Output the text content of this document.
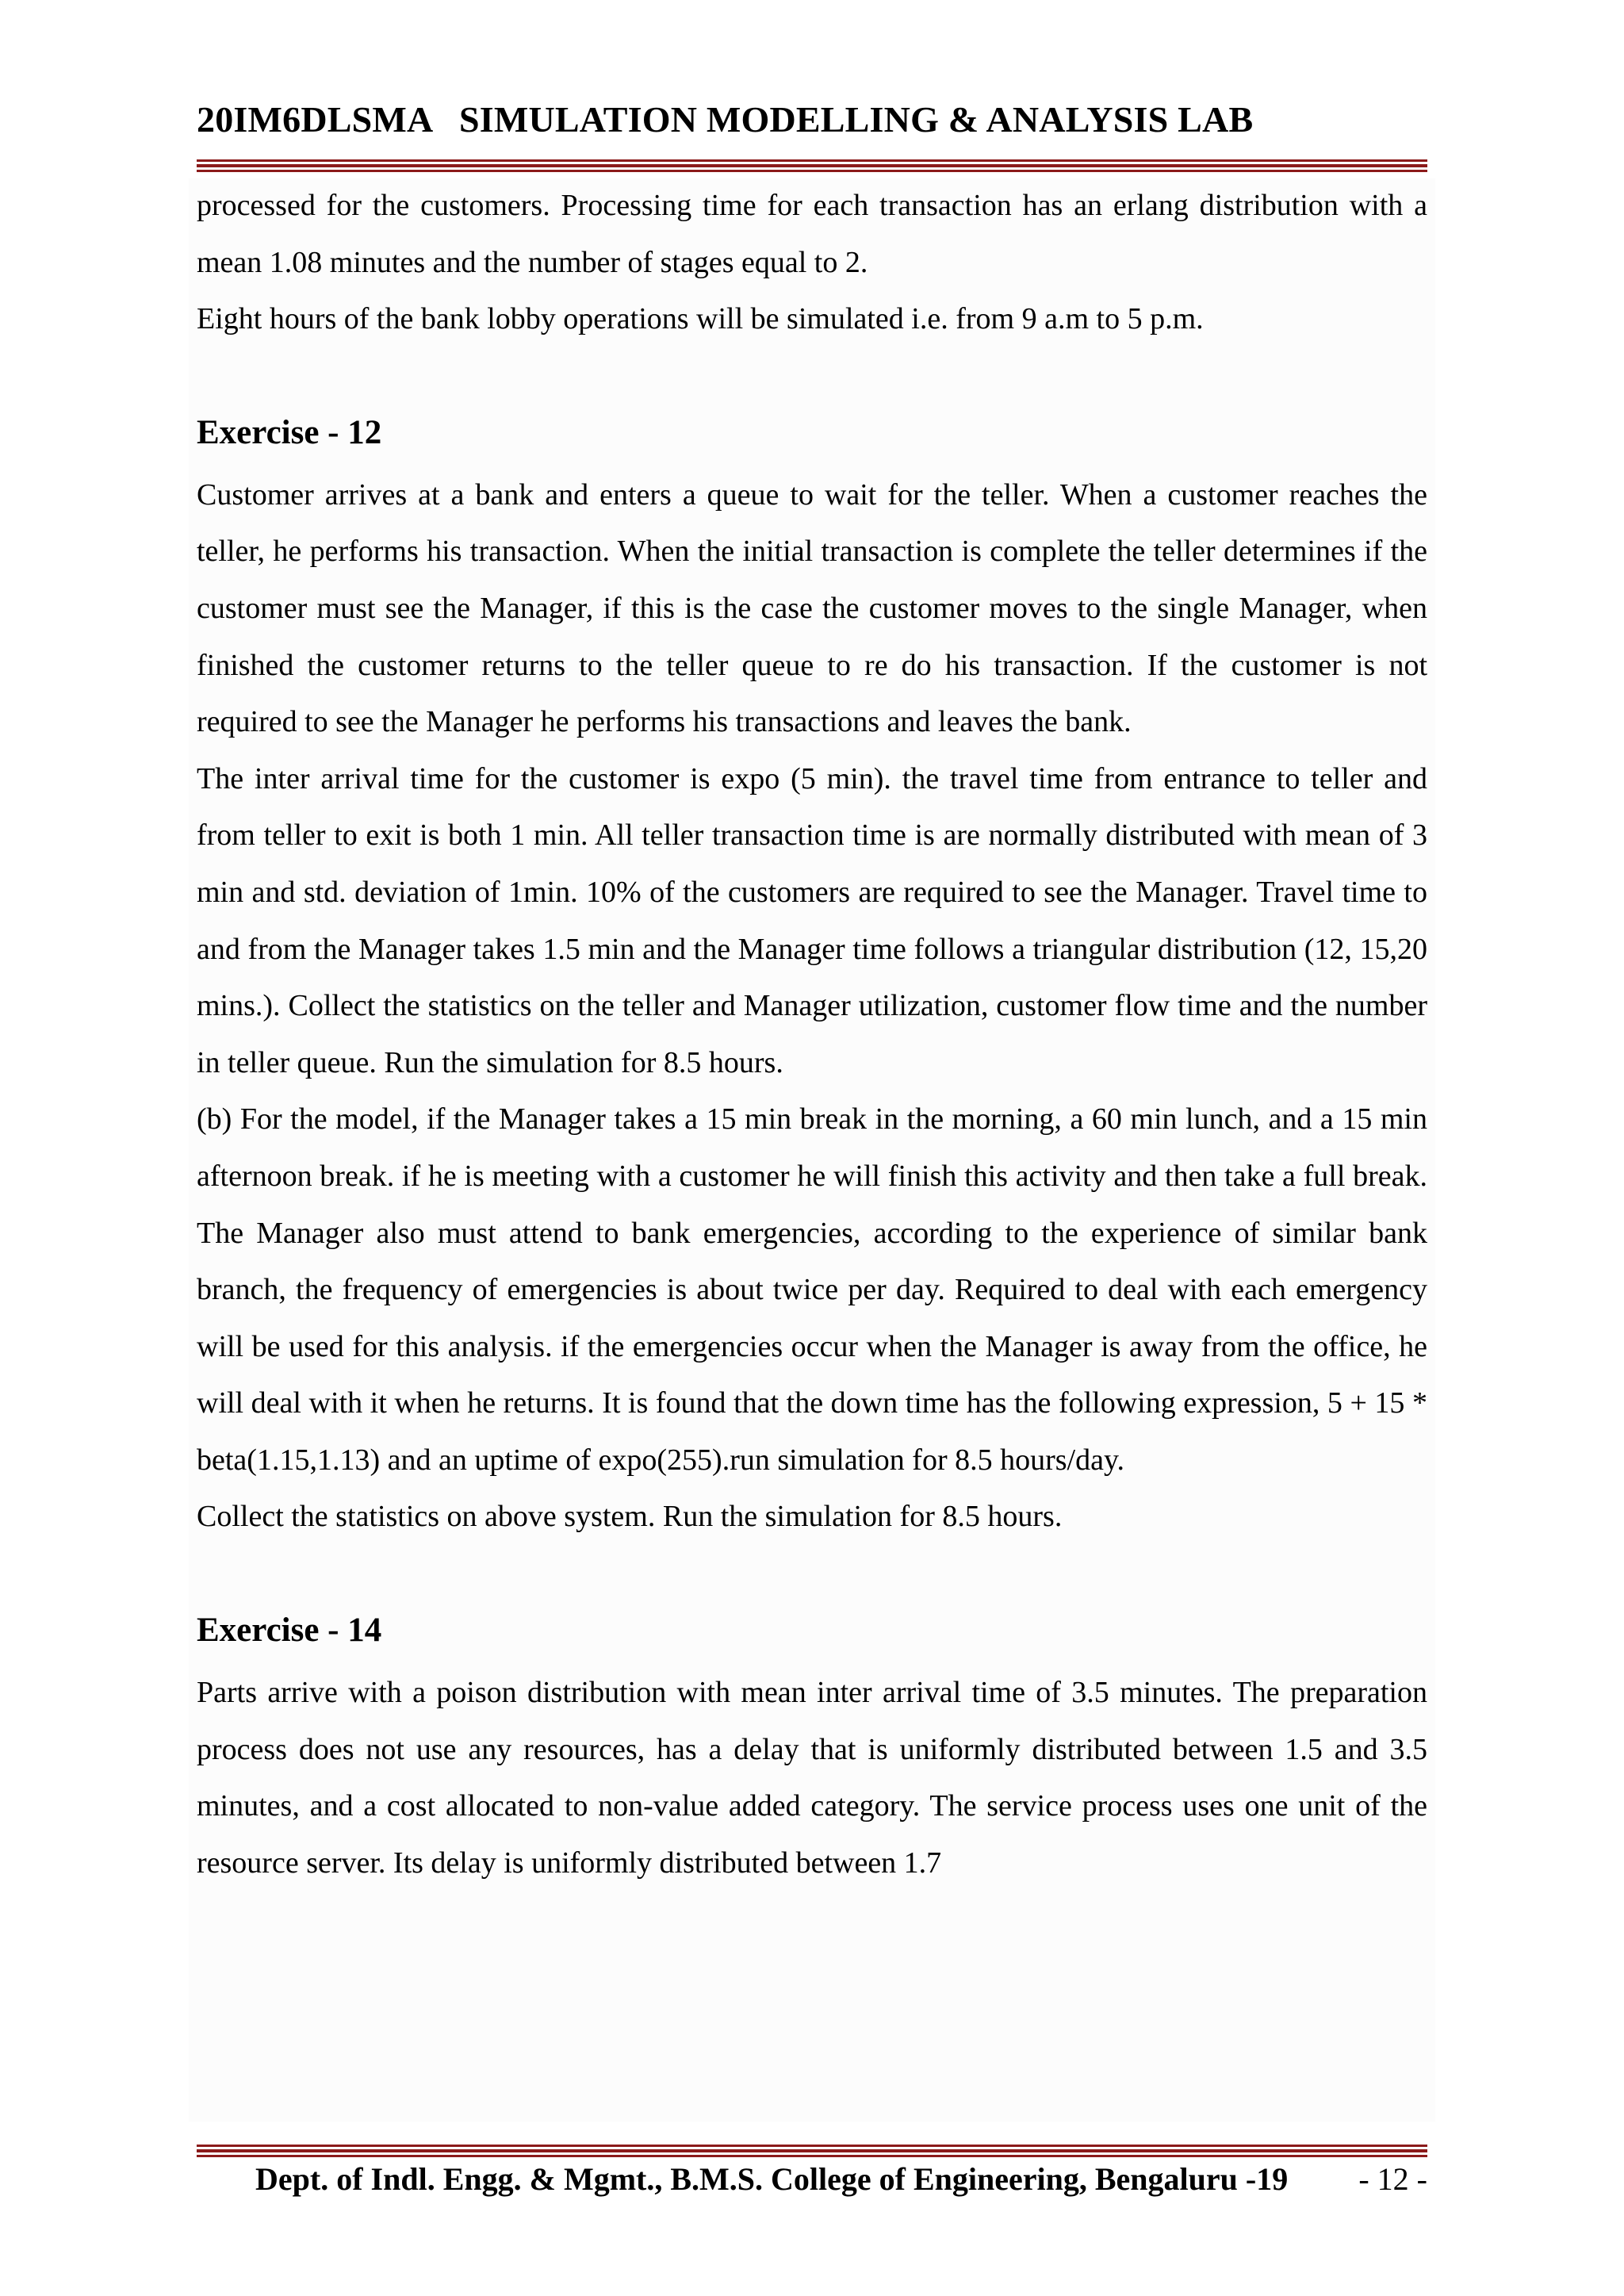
20IM6DLSMA   SIMULATION MODELLING & ANALYSIS LAB

processed for the customers. Processing time for each transaction has an erlang distribution with a mean 1.08 minutes and the number of stages equal to 2.

Eight hours of the bank lobby operations will be simulated i.e. from 9 a.m to 5 p.m.

Exercise - 12

Customer arrives at a bank and enters a queue to wait for the teller. When a customer reaches the teller, he performs his transaction. When the initial transaction is complete the teller determines if the customer must see the Manager, if this is the case the customer moves to the single Manager, when finished the customer returns to the teller queue to re do his transaction. If the customer is not required to see the Manager he performs his transactions and leaves the bank.

The inter arrival time for the customer is expo (5 min). the travel time from entrance to teller and from teller to exit is both 1 min. All teller transaction time is are normally distributed with mean of 3 min and std. deviation of 1min. 10% of the customers are required to see the Manager. Travel time to and from the Manager takes 1.5 min and the Manager time follows a triangular distribution (12, 15,20 mins.). Collect the statistics on the teller and Manager utilization, customer flow time and the number in teller queue. Run the simulation for 8.5 hours.

(b) For the model, if the Manager takes a 15 min break in the morning, a 60 min lunch, and a 15 min afternoon break. if he is meeting with a customer he will finish this activity and then take a full break. The Manager also must attend to bank emergencies, according to the experience of similar bank branch, the frequency of emergencies is about twice per day. Required to deal with each emergency will be used for this analysis. if the emergencies occur when the Manager is away from the office, he will deal with it when he returns. It is found that the down time has the following expression, 5 + 15 * beta(1.15,1.13) and an uptime of expo(255).run simulation for 8.5 hours/day.

Collect the statistics on above system. Run the simulation for 8.5 hours.

Exercise - 14

Parts arrive with a poison distribution with mean inter arrival time of 3.5 minutes. The preparation process does not use any resources, has a delay that is uniformly distributed between 1.5 and 3.5 minutes, and a cost allocated to non-value added category. The service process uses one unit of the resource server. Its delay is uniformly distributed between 1.7

Dept. of Indl. Engg. & Mgmt., B.M.S. College of Engineering, Bengaluru -19 - 12 -
